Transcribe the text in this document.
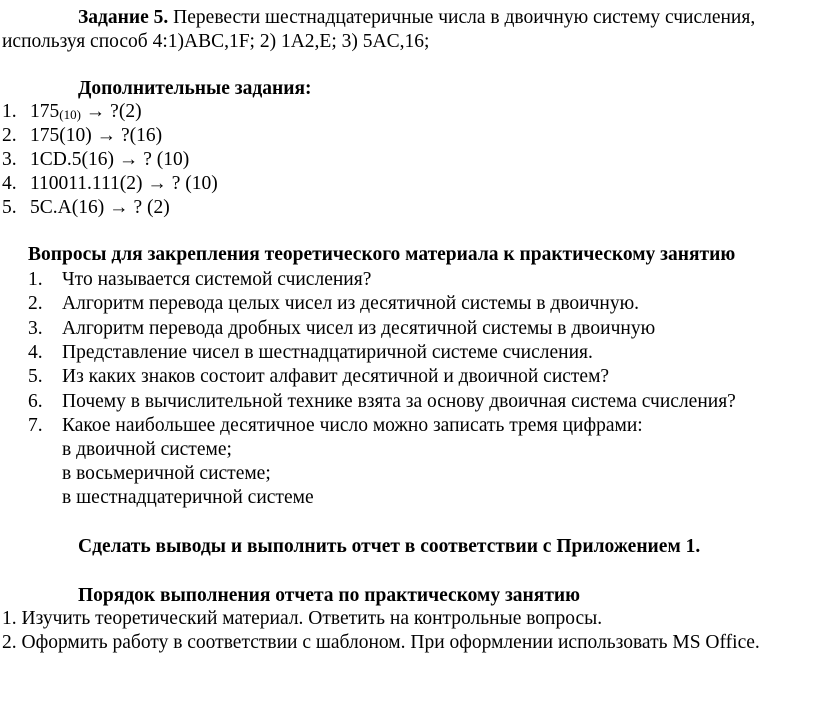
Задание 5. Перевести шестнадцатеричные числа в двоичную систему счисления,
используя способ 4:1)ABC,1F; 2) 1A2,E; 3) 5AC,16;
Дополнительные задания:
1. $175_{(10)}$ → ?(2)
2. 175(10) → ?(16)
3. 1CD.5(16) → ? (10)
4. 110011.111(2) → ? (10)
5. 5C.A(16) → ? (2)
Вопросы для закрепления теоретического материала к практическому занятию
1. Что называется системой счисления?
2. Алгоритм перевода целых чисел из десятичной системы в двоичную.
3. Алгоритм перевода дробных чисел из десятичной системы в двоичную
4. Представление чисел в шестнадцатиричной системе счисления.
5. Из каких знаков состоит алфавит десятичной и двоичной систем?
6. Почему в вычислительной технике взята за основу двоичная система счисления?
7. Какое наибольшее десятичное число можно записать тремя цифрами:
в двоичной системе;
в восьмеричной системе;
в шестнадцатеричной системе
Сделать выводы и выполнить отчет в соответствии с Приложением 1.
Порядок выполнения отчета по практическому занятию
1. Изучить теоретический материал. Ответить на контрольные вопросы.
2. Оформить работу в соответствии с шаблоном. При оформлении использовать MS Office.
